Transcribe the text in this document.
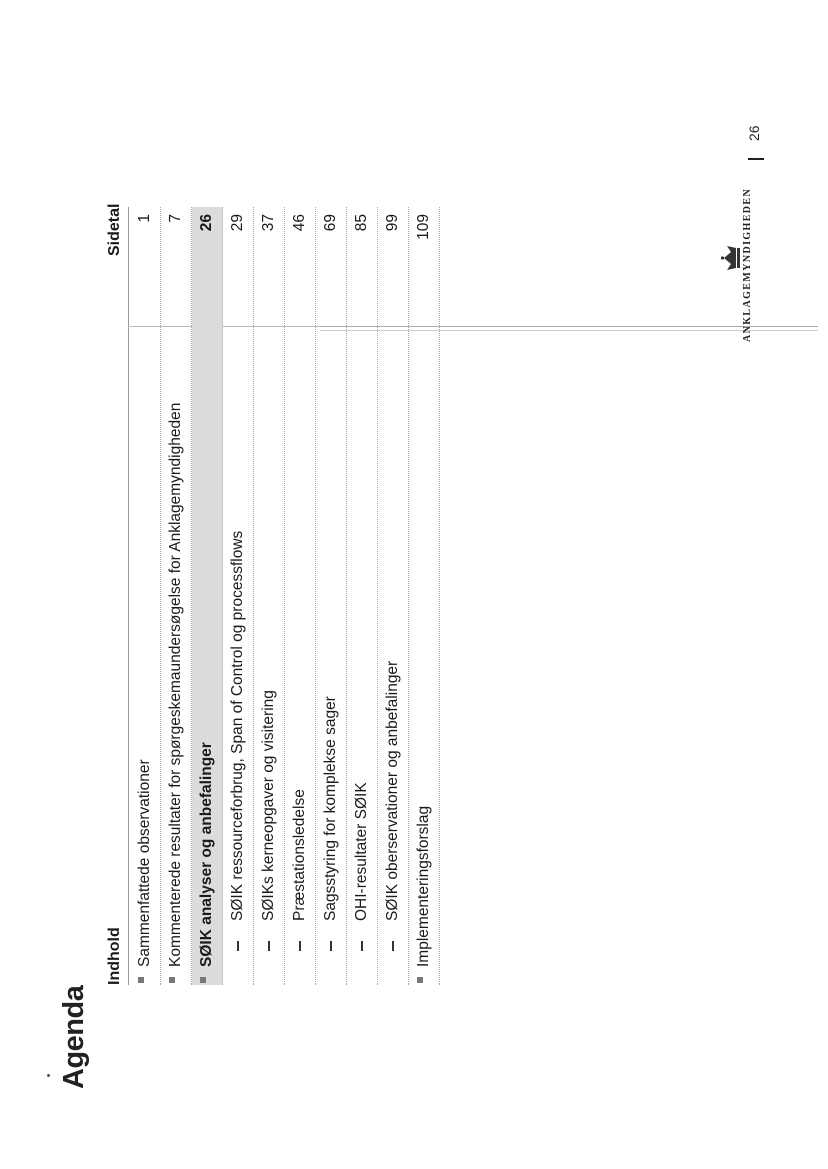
Agenda
Indhold
Sidetal
Sammenfattede observationer
1
Kommenterede resultater for spørgeskemaundersøgelse for Anklagemyndigheden
7
SØIK analyser og anbefalinger
26
SØIK ressourceforbrug, Span of Control og processflows
29
SØIKs kerneopgaver og visitering
37
Præstationsledelse
46
Sagsstyring for komplekse sager
69
OHI-resultater SØIK
85
SØIK oberservationer og anbefalinger
99
Implementeringsforslag
109	ANKLAGEMYNDIGHEDEN
26
